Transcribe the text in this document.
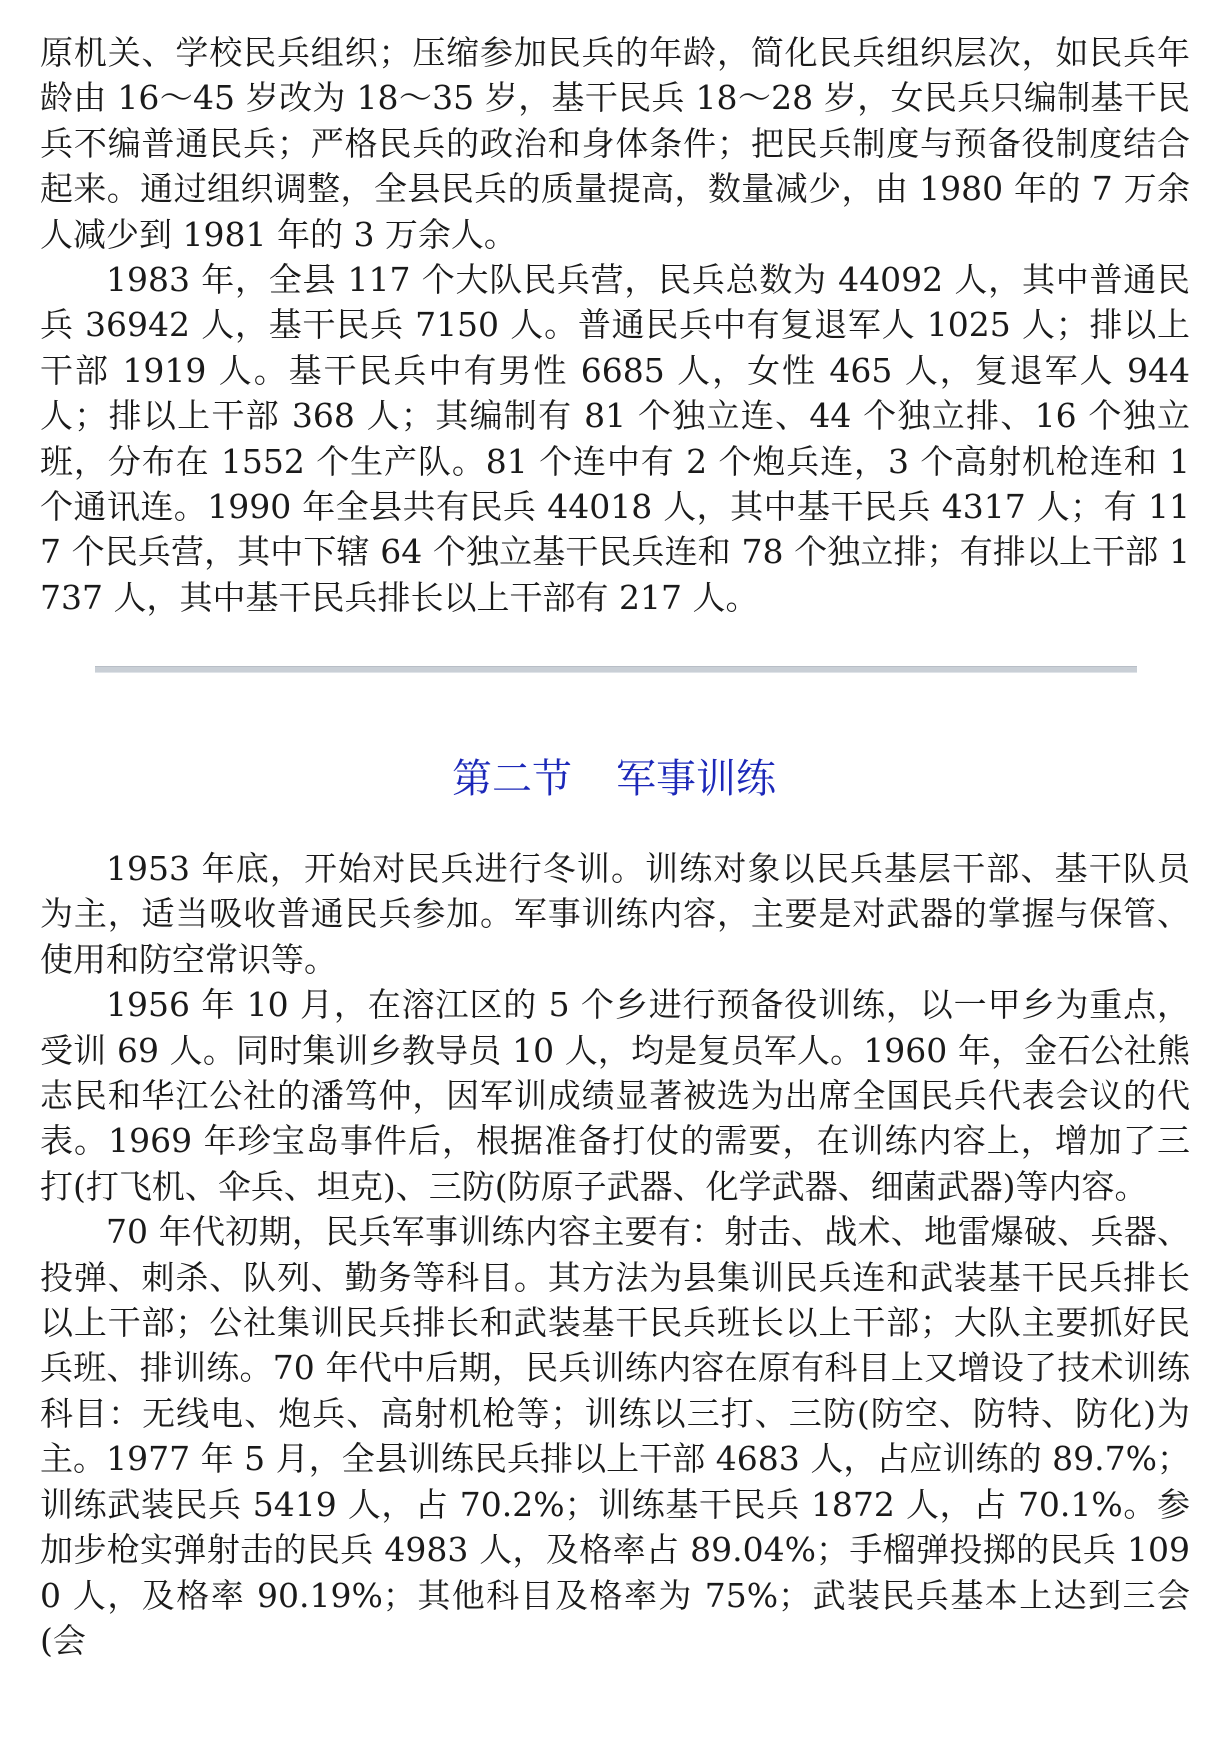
原机关、学校民兵组织；压缩参加民兵的年龄，简化民兵组织层次，如民兵年龄由 16～45 岁改为 18～35 岁，基干民兵 18～28 岁，女民兵只编制基干民兵不编普通民兵；严格民兵的政治和身体条件；把民兵制度与预备役制度结合起来。通过组织调整，全县民兵的质量提高，数量减少，由 1980 年的 7 万余人减少到 1981 年的 3 万余人。

1983 年，全县 117 个大队民兵营，民兵总数为 44092 人，其中普通民兵 36942 人，基干民兵 7150 人。普通民兵中有复退军人 1025 人；排以上干部 1919 人。基干民兵中有男性 6685 人，女性 465 人，复退军人 944 人；排以上干部 368 人；其编制有 81 个独立连、44 个独立排、16 个独立班，分布在 1552 个生产队。81 个连中有 2 个炮兵连，3 个高射机枪连和 1 个通讯连。1990 年全县共有民兵 44018 人，其中基干民兵 4317 人；有 117 个民兵营，其中下辖 64 个独立基干民兵连和 78 个独立排；有排以上干部 1737 人，其中基干民兵排长以上干部有 217 人。

第二节 军事训练

1953 年底，开始对民兵进行冬训。训练对象以民兵基层干部、基干队员为主，适当吸收普通民兵参加。军事训练内容，主要是对武器的掌握与保管、使用和防空常识等。

1956 年 10 月，在溶江区的 5 个乡进行预备役训练，以一甲乡为重点，受训 69 人。同时集训乡教导员 10 人，均是复员军人。1960 年，金石公社熊志民和华江公社的潘笃仲，因军训成绩显著被选为出席全国民兵代表会议的代表。1969 年珍宝岛事件后，根据准备打仗的需要，在训练内容上，增加了三打(打飞机、伞兵、坦克)、三防(防原子武器、化学武器、细菌武器)等内容。

70 年代初期，民兵军事训练内容主要有：射击、战术、地雷爆破、兵器、投弹、刺杀、队列、勤务等科目。其方法为县集训民兵连和武装基干民兵排长以上干部；公社集训民兵排长和武装基干民兵班长以上干部；大队主要抓好民兵班、排训练。70 年代中后期，民兵训练内容在原有科目上又增设了技术训练科目：无线电、炮兵、高射机枪等；训练以三打、三防(防空、防特、防化)为主。1977 年 5 月，全县训练民兵排以上干部 4683 人，占应训练的 89.7%；训练武装民兵 5419 人，占 70.2%；训练基干民兵 1872 人，占 70.1%。参加步枪实弹射击的民兵 4983 人，及格率占 89.04%；手榴弹投掷的民兵 1090 人，及格率 90.19%；其他科目及格率为 75%；武装民兵基本上达到三会(会
